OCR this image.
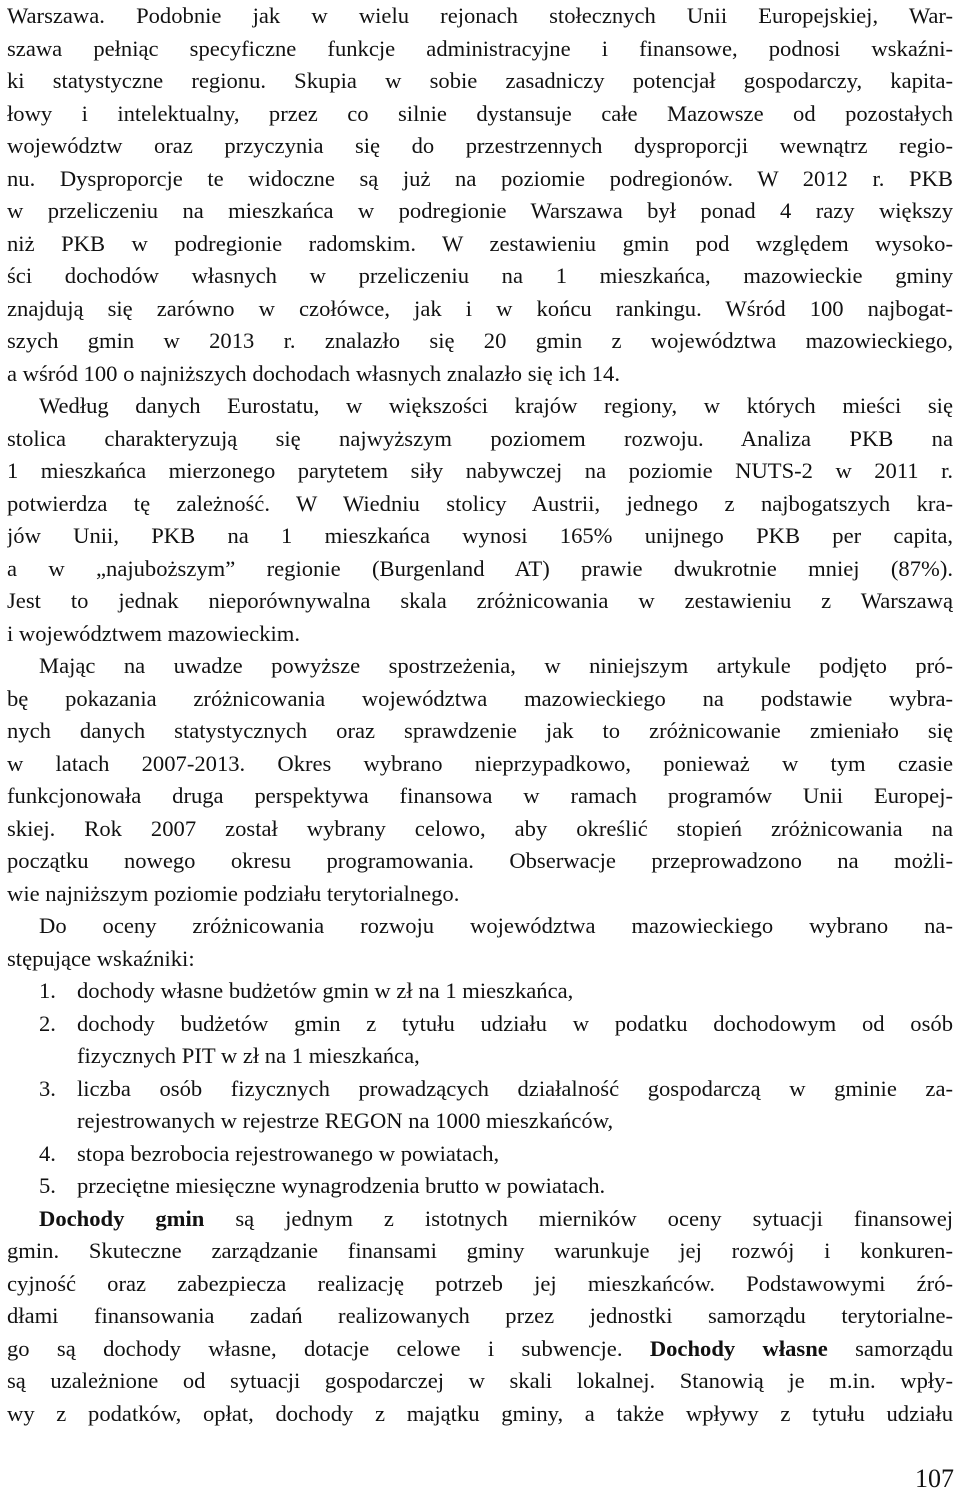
Warszawa. Podobnie jak w wielu rejonach stołecznych Unii Europejskiej, War-
szawa pełniąc specyficzne funkcje administracyjne i finansowe, podnosi wskaźni-
ki statystyczne regionu. Skupia w sobie zasadniczy potencjał gospodarczy, kapita-
łowy i intelektualny, przez co silnie dystansuje całe Mazowsze od pozostałych
województw oraz przyczynia się do przestrzennych dysproporcji wewnątrz regio-
nu. Dysproporcje te widoczne są już na poziomie podregionów. W 2012 r. PKB
w przeliczeniu na mieszkańca w podregionie Warszawa był ponad 4 razy większy
niż PKB w podregionie radomskim. W zestawieniu gmin pod względem wysoko-
ści dochodów własnych w przeliczeniu na 1 mieszkańca, mazowieckie gminy
znajdują się zarówno w czołówce, jak i w końcu rankingu. Wśród 100 najbogat-
szych gmin w 2013 r. znalazło się 20 gmin z województwa mazowieckiego,
a wśród 100 o najniższych dochodach własnych znalazło się ich 14.
Według danych Eurostatu, w większości krajów regiony, w których mieści się
stolica charakteryzują się najwyższym poziomem rozwoju. Analiza PKB na
1 mieszkańca mierzonego parytetem siły nabywczej na poziomie NUTS-2 w 2011 r.
potwierdza tę zależność. W Wiedniu stolicy Austrii, jednego z najbogatszych kra-
jów Unii, PKB na 1 mieszkańca wynosi 165% unijnego PKB per capita,
a w „najuboższym” regionie (Burgenland AT) prawie dwukrotnie mniej (87%).
Jest to jednak nieporównywalna skala zróżnicowania w zestawieniu z Warszawą
i województwem mazowieckim.
Mając na uwadze powyższe spostrzeżenia, w niniejszym artykule podjęto pró-
bę pokazania zróżnicowania województwa mazowieckiego na podstawie wybra-
nych danych statystycznych oraz sprawdzenie jak to zróżnicowanie zmieniało się
w latach 2007-2013. Okres wybrano nieprzypadkowo, ponieważ w tym czasie
funkcjonowała druga perspektywa finansowa w ramach programów Unii Europej-
skiej. Rok 2007 został wybrany celowo, aby określić stopień zróżnicowania na
początku nowego okresu programowania. Obserwacje przeprowadzono na możli-
wie najniższym poziomie podziału terytorialnego.
Do oceny zróżnicowania rozwoju województwa mazowieckiego wybrano na-
stępujące wskaźniki:
1. dochody własne budżetów gmin w zł na 1 mieszkańca,
2. dochody budżetów gmin z tytułu udziału w podatku dochodowym od osób
fizycznych PIT w zł na 1 mieszkańca,
3. liczba osób fizycznych prowadzących działalność gospodarczą w gminie za-
rejestrowanych w rejestrze REGON na 1000 mieszkańców,
4. stopa bezrobocia rejestrowanego w powiatach,
5. przeciętne miesięczne wynagrodzenia brutto w powiatach.
Dochody gmin są jednym z istotnych mierników oceny sytuacji finansowej
gmin. Skuteczne zarządzanie finansami gminy warunkuje jej rozwój i konkuren-
cyjność oraz zabezpiecza realizację potrzeb jej mieszkańców. Podstawowymi źró-
dłami finansowania zadań realizowanych przez jednostki samorządu terytorialne-
go są dochody własne, dotacje celowe i subwencje. Dochody własne samorządu
są uzależnione od sytuacji gospodarczej w skali lokalnej. Stanowią je m.in. wpły-
wy z podatków, opłat, dochody z majątku gminy, a także wpływy z tytułu udziału
107
